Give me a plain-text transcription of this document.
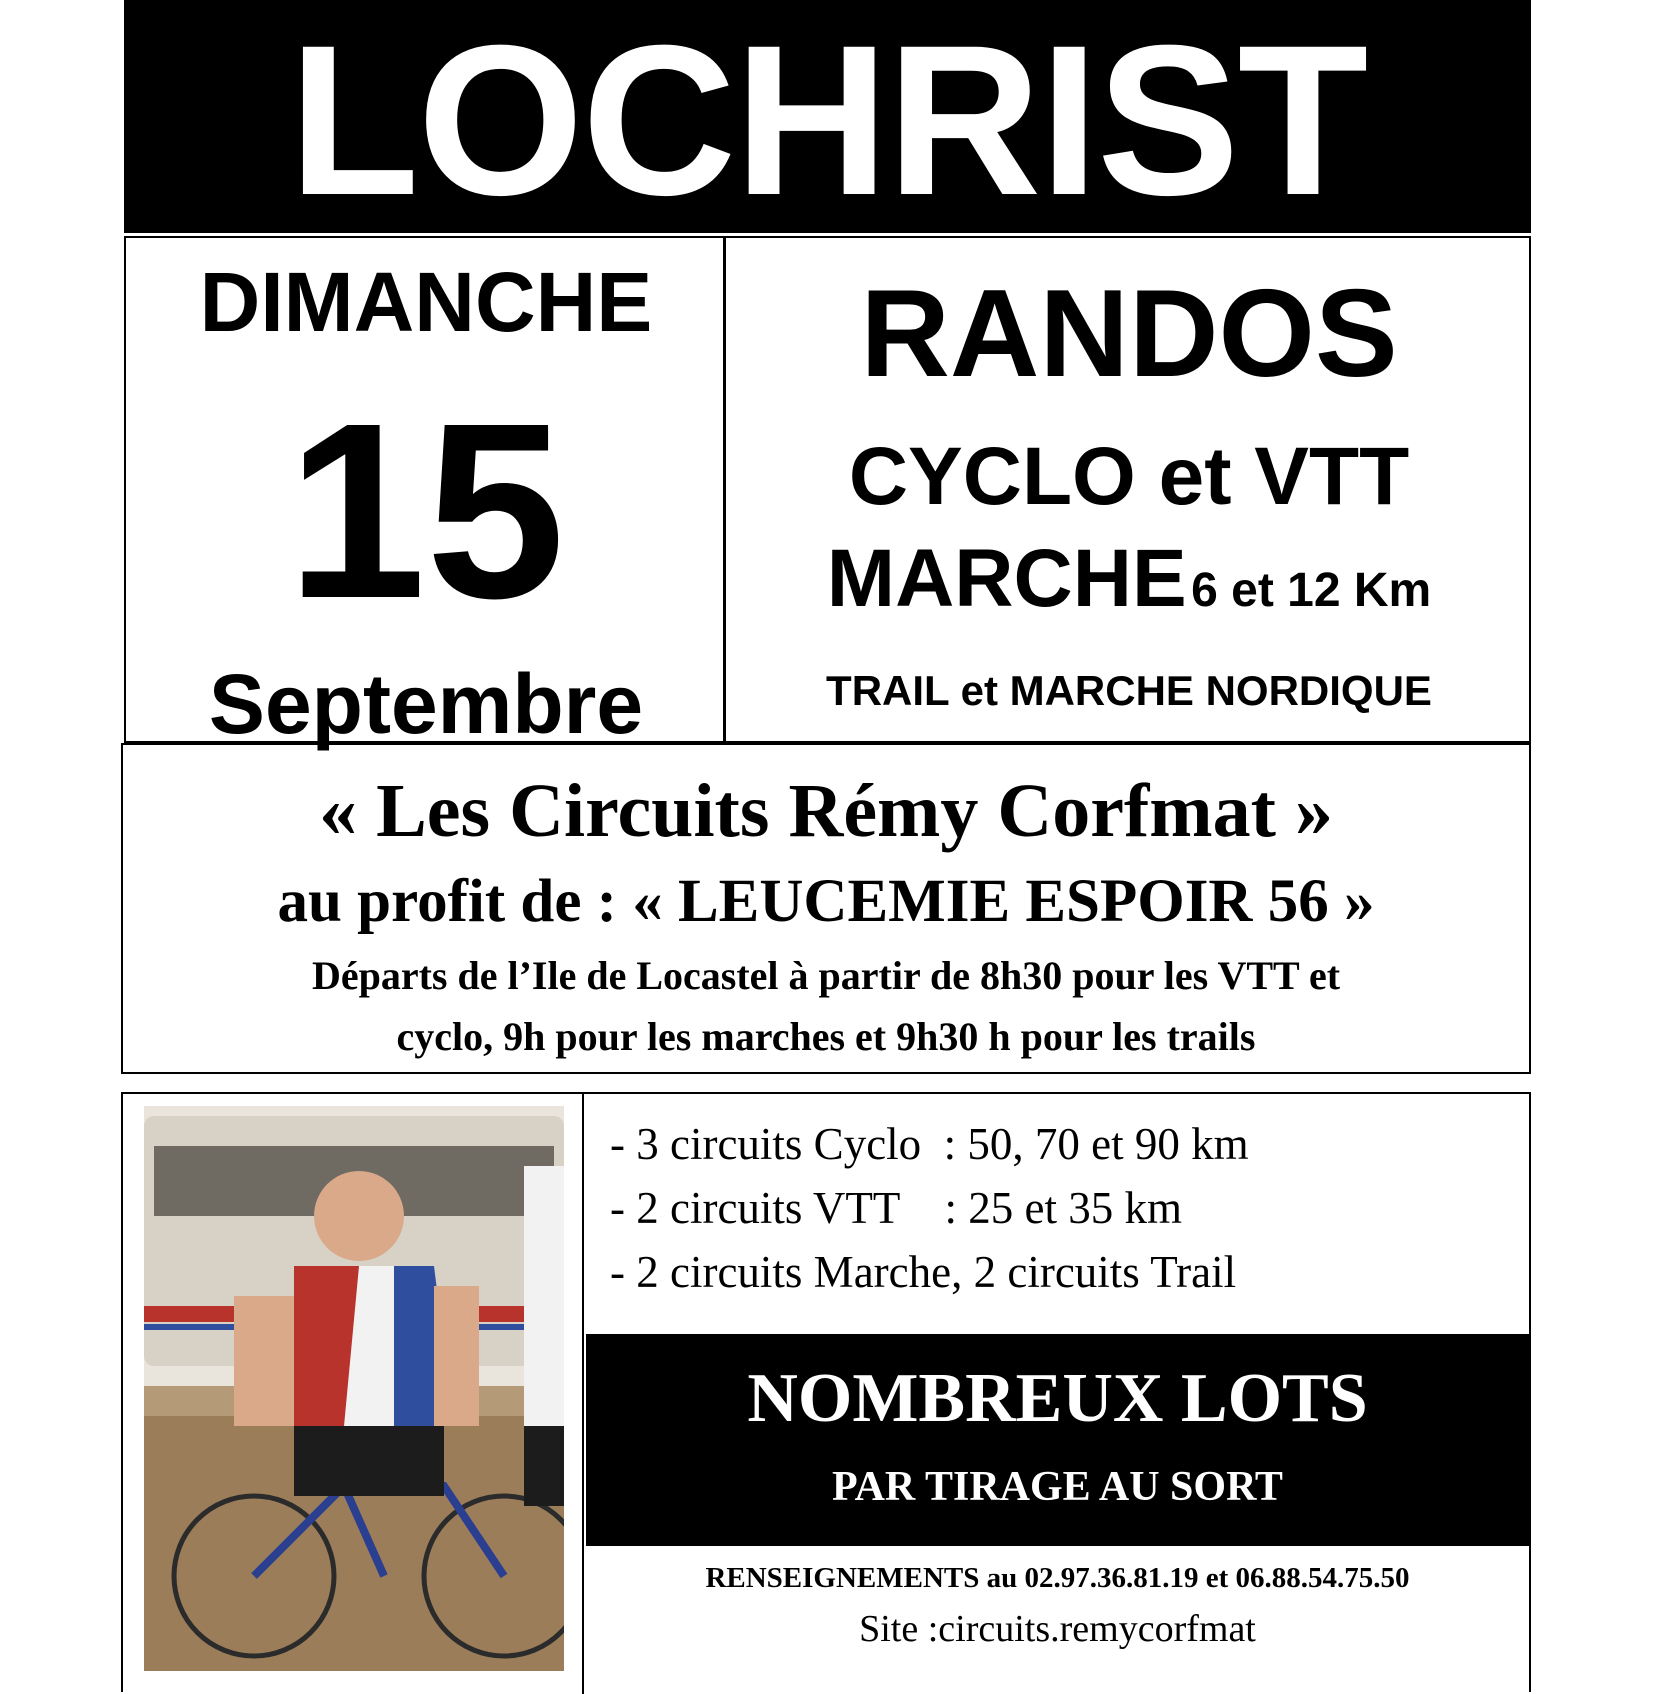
LOCHRIST
DIMANCHE
15
Septembre
RANDOS
CYCLO et VTT
MARCHE 6 et 12 Km
TRAIL et MARCHE NORDIQUE
« Les Circuits Rémy Corfmat »
au profit de : « LEUCEMIE ESPOIR 56 »
Départs de l’Ile de Locastel à partir de 8h30 pour les VTT et
cyclo, 9h pour les marches et 9h30 h pour les trails
- 3 circuits Cyclo  : 50, 70 et 90 km
- 2 circuits VTT    : 25 et 35 km
- 2 circuits Marche, 2 circuits Trail
NOMBREUX LOTS
PAR TIRAGE AU SORT
RENSEIGNEMENTS au 02.97.36.81.19 et 06.88.54.75.50
Site :circuits.remycorfmat
